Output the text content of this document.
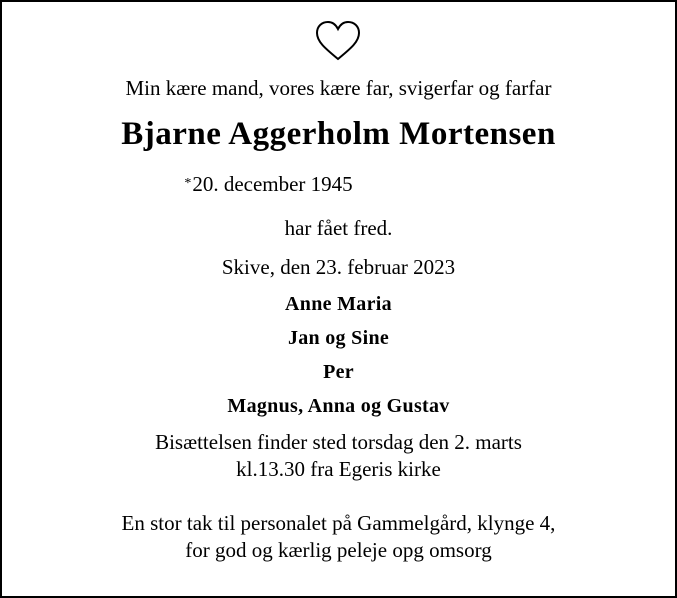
Min kære mand, vores kære far, svigerfar og farfar
Bjarne Aggerholm Mortensen
*20. december 1945
har fået fred.
Skive, den 23. februar 2023
Anne Maria
Jan og Sine
Per
Magnus, Anna og Gustav
Bisættelsen finder sted torsdag den 2. marts
kl.13.30 fra Egeris kirke
En stor tak til personalet på Gammelgård, klynge 4,
for god og kærlig peleje opg omsorg
